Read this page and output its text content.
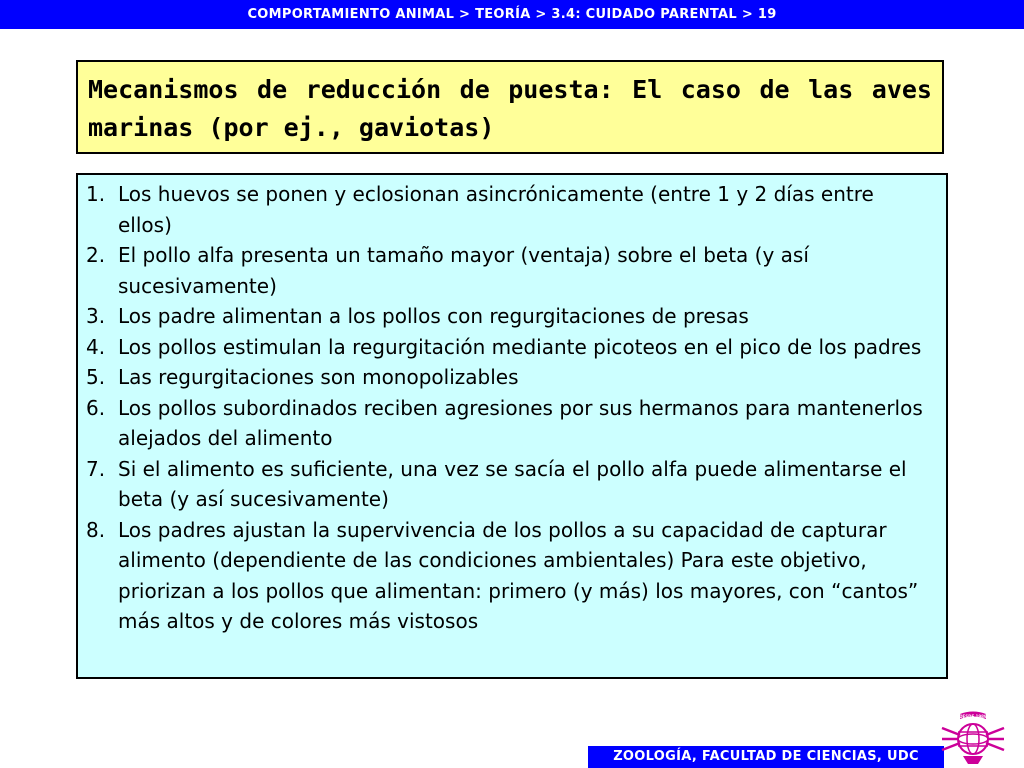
COMPORTAMIENTO ANIMAL > TEORÍA > 3.4: CUIDADO PARENTAL > 19
Mecanismos de reducción de puesta: El caso de las aves marinas (por ej., gaviotas)
1. Los huevos se ponen y eclosionan asincrónicamente (entre 1 y 2 días entre ellos)
2. El pollo alfa presenta un tamaño mayor (ventaja) sobre el beta (y así sucesivamente)
3. Los padre alimentan a los pollos con regurgitaciones de presas
4. Los pollos estimulan la regurgitación mediante picoteos en el pico de los padres
5. Las regurgitaciones son monopolizables
6. Los pollos subordinados reciben agresiones por sus hermanos para mantenerlos alejados del alimento
7. Si el alimento es suficiente, una vez se sacía el pollo alfa puede alimentarse el beta (y así sucesivamente)
8. Los padres ajustan la supervivencia de los pollos a su capacidad de capturar alimento (dependiente de las condiciones ambientales) Para este objetivo, priorizan a los pollos que alimentan: primero (y más) los mayores, con “cantos” más altos y de colores más vistosos
ZOOLOGÍA, FACULTAD DE CIENCIAS, UDC
DESDE 1989
